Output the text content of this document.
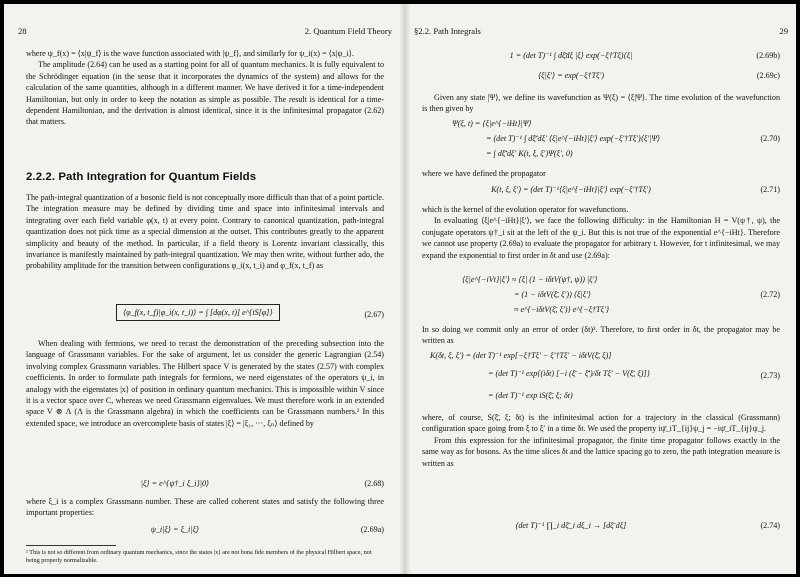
28	2. Quantum Field Theory

where ψ_f(x) = ⟨x|ψ_f⟩ is the wave function associated with |ψ_f⟩, and similarly for ψ_i(x) = ⟨x|ψ_i⟩.

The amplitude (2.64) can be used as a starting point for all of quantum mechanics. It is fully equivalent to the Schrödinger equation (in the sense that it incorporates the dynamics of the system) and allows for the calculation of the same quantities, although in a different manner. We have derived it for a time-independent Hamiltonian, but only in order to keep the notation as simple as possible. The result is identical for a time-dependent Hamiltonian, and the derivation is almost identical, since it is the infinitesimal propagator (2.62) that matters.

2.2.2. Path Integration for Quantum Fields

The path-integral quantization of a bosonic field is not conceptually more difficult than that of a point particle. The integration measure may be defined by dividing time and space into infinitesimal intervals and integrating over each field variable φ(x, t) at every point. Contrary to canonical quantization, path-integral quantization does not pick time as a special dimension at the outset. This contributes greatly to the apparent simplicity and beauty of the method. In particular, if a field theory is Lorentz invariant classically, this invariance is manifestly maintained by path-integral quantization. We may then write, without further ado, the probability amplitude for the transition between configurations φ_i(x, t_i) and φ_f(x, t_f) as

⟨φ_f(x, t_f)|φ_i(x, t_i)⟩ = ∫ [dφ(x, t)] e^{iS[φ]}	(2.67)

When dealing with fermions, we need to recast the demonstration of the preceding subsection into the language of Grassmann variables. For the sake of argument, let us consider the generic Lagrangian (2.54) involving complex Grassmann variables. The Hilbert space V is generated by the states (2.57) with complex coefficients. In order to formulate path integrals for fermions, we need eigenstates of the operators ψ_i, in analogy with the eigenstates |x⟩ of position in ordinary quantum mechanics. This is impossible within V since it is a vector space over C, whereas we need Grassmann eigenvalues. We must therefore work in an extended space V ⊗ Λ (Λ is the Grassmann algebra) in which the coefficients can be Grassmann numbers.² In this extended space, we introduce an overcomplete basis of states |ξ⟩ = |ξ₁, ···, ξₙ⟩ defined by

|ξ⟩ = e^{ψ†_i ξ_i}|0⟩	(2.68)

where ξ_i is a complex Grassmann number. These are called coherent states and satisfy the following three important properties:

ψ_i|ξ⟩ = ξ_i|ξ⟩	(2.69a)
² This is not so different from ordinary quantum mechanics, since the states |x⟩ are not bona fide members of the physical Hilbert space, not being properly normalizable.
§2.2. Path Integrals	29
1 = (det T)⁻¹ ∫ dξ̄dξ |ξ⟩ exp(−ξ†Tξ)⟨ξ|	(2.69b)
⟨ξ|ξ′⟩ = exp(−ξ†Tξ′)	(2.69c)

Given any state |Ψ⟩, we define its wavefunction as Ψ(ξ) = ⟨ξ|Ψ⟩. The time evolution of the wavefunction is then given by

Ψ(ξ, t) = ⟨ξ|e^{−iHt}|Ψ⟩
= (det T)⁻¹ ∫ dξ̄′dξ′ ⟨ξ|e^{−iHt}|ξ′⟩ exp(−ξ′†Tξ′)⟨ξ′|Ψ⟩
= ∫ dξ̄′dξ′ K(t, ξ, ξ′)Ψ(ξ′, 0)
(2.70)

where we have defined the propagator

K(t, ξ, ξ′) = (det T)⁻¹⟨ξ|e^{−iHt}|ξ′⟩ exp(−ξ′†Tξ′)	(2.71)

which is the kernel of the evolution operator for wavefunctions.

In evaluating ⟨ξ|e^{−iHt}|ξ′⟩, we face the following difficulty: in the Hamiltonian H = V(ψ†, ψ), the conjugate operators ψ†_i sit at the left of the ψ_i. But this is not true of the exponential e^{−iHt}. Therefore we cannot use property (2.69a) to evaluate the propagator for arbitrary t. However, for t infinitesimal, we may expand the exponential to first order in δt and use (2.69a):

⟨ξ|e^{−iVt}|ξ′⟩ ≈ ⟨ξ| (1 − iδtV(ψ†, ψ)) |ξ′⟩
= (1 − iδtV(ξ̄, ξ′)) ⟨ξ|ξ′⟩
≈ e^{−iδtV(ξ̄, ξ′)} e^{−ξ†Tξ′}
(2.72)

In so doing we commit only an error of order (δt)². Therefore, to first order in δt, the propagator may be written as

K(δt, ξ, ξ′) = (det T)⁻¹ exp[−ξ†Tξ′ − ξ′†Tξ′ − iδtV(ξ̄, ξ)]
= (det T)⁻¹ exp{(iδt) [−i (ξ̄ − ξ̄′)/δt Tξ′ − V(ξ̄, ξ)]}
= (det T)⁻¹ exp iS(ξ̄, ξ; δt)
(2.73)

where, of course, S(ξ̄, ξ; δt) is the infinitesimal action for a trajectory in the classical (Grassmann) configuration space going from ξ to ξ′ in a time δt. We used the property iψ̄_iT_{ij}ψ_j = −iψ̄_iT_{ij}ψ_j.

From this expression for the infinitesimal propagator, the finite time propagator follows exactly in the same way as for bosons. As the time slices δt and the lattice spacing go to zero, the path integration measure is written as

(det T)⁻¹ ∏_i dξ̄_i dξ_i → [dξ̄ dξ]	(2.74)
